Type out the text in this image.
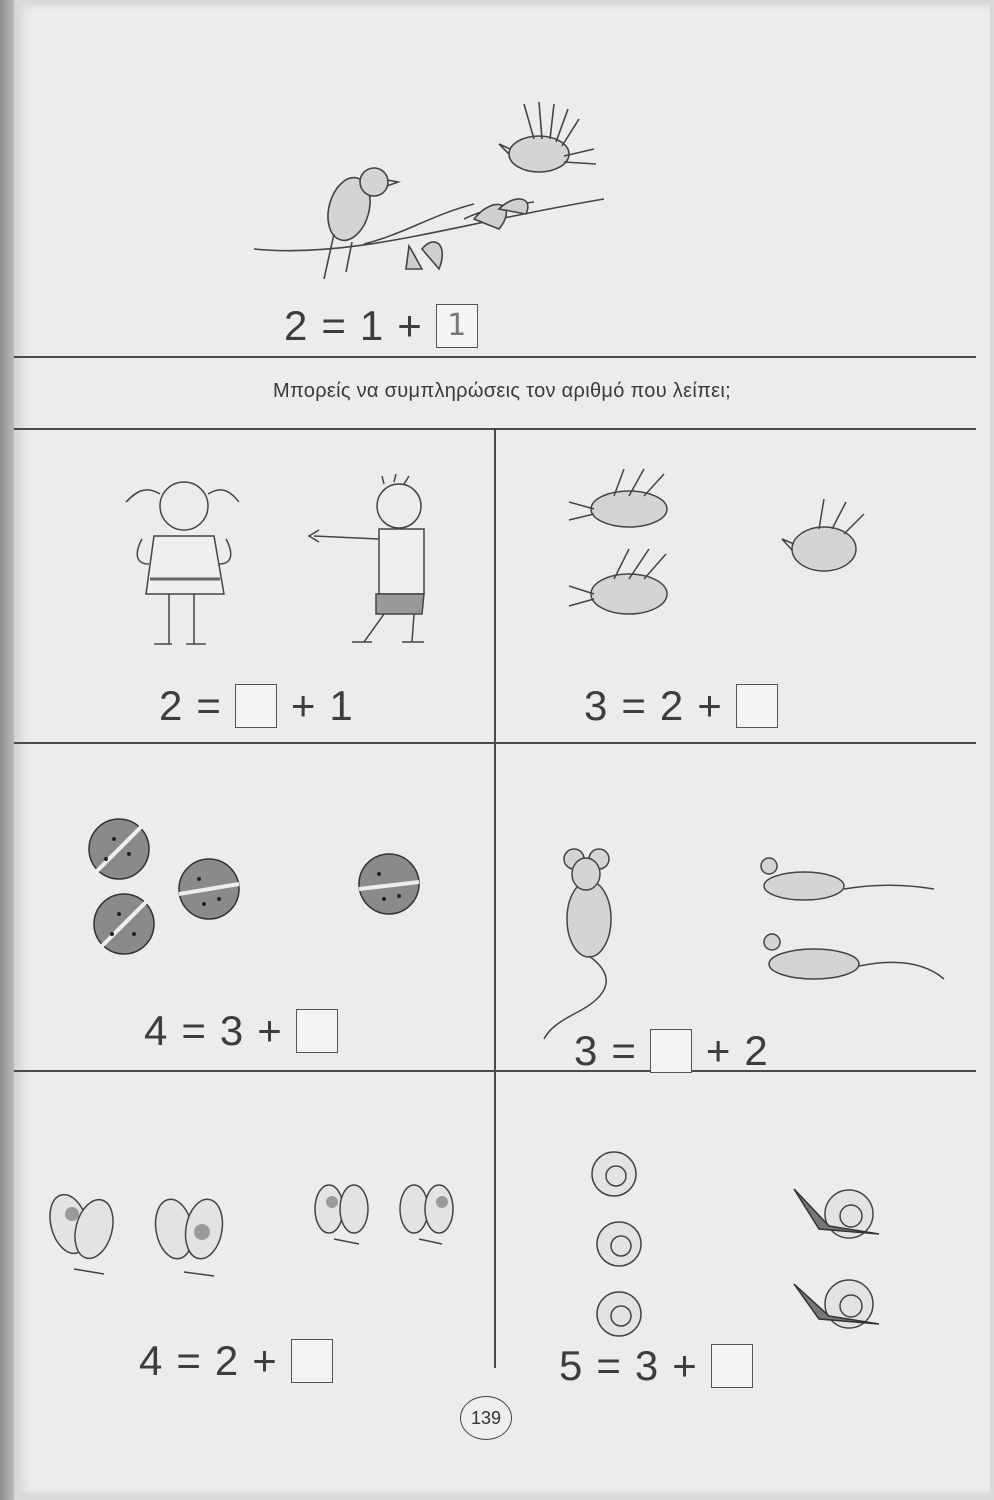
2 = 1 + 1
Μπορείς να συμπληρώσεις τον αριθμό που λείπει;
2 = + 1	3 = 2 +
4 = 3 +	3 = + 2
4 = 2 +	5 = 3 +
139
